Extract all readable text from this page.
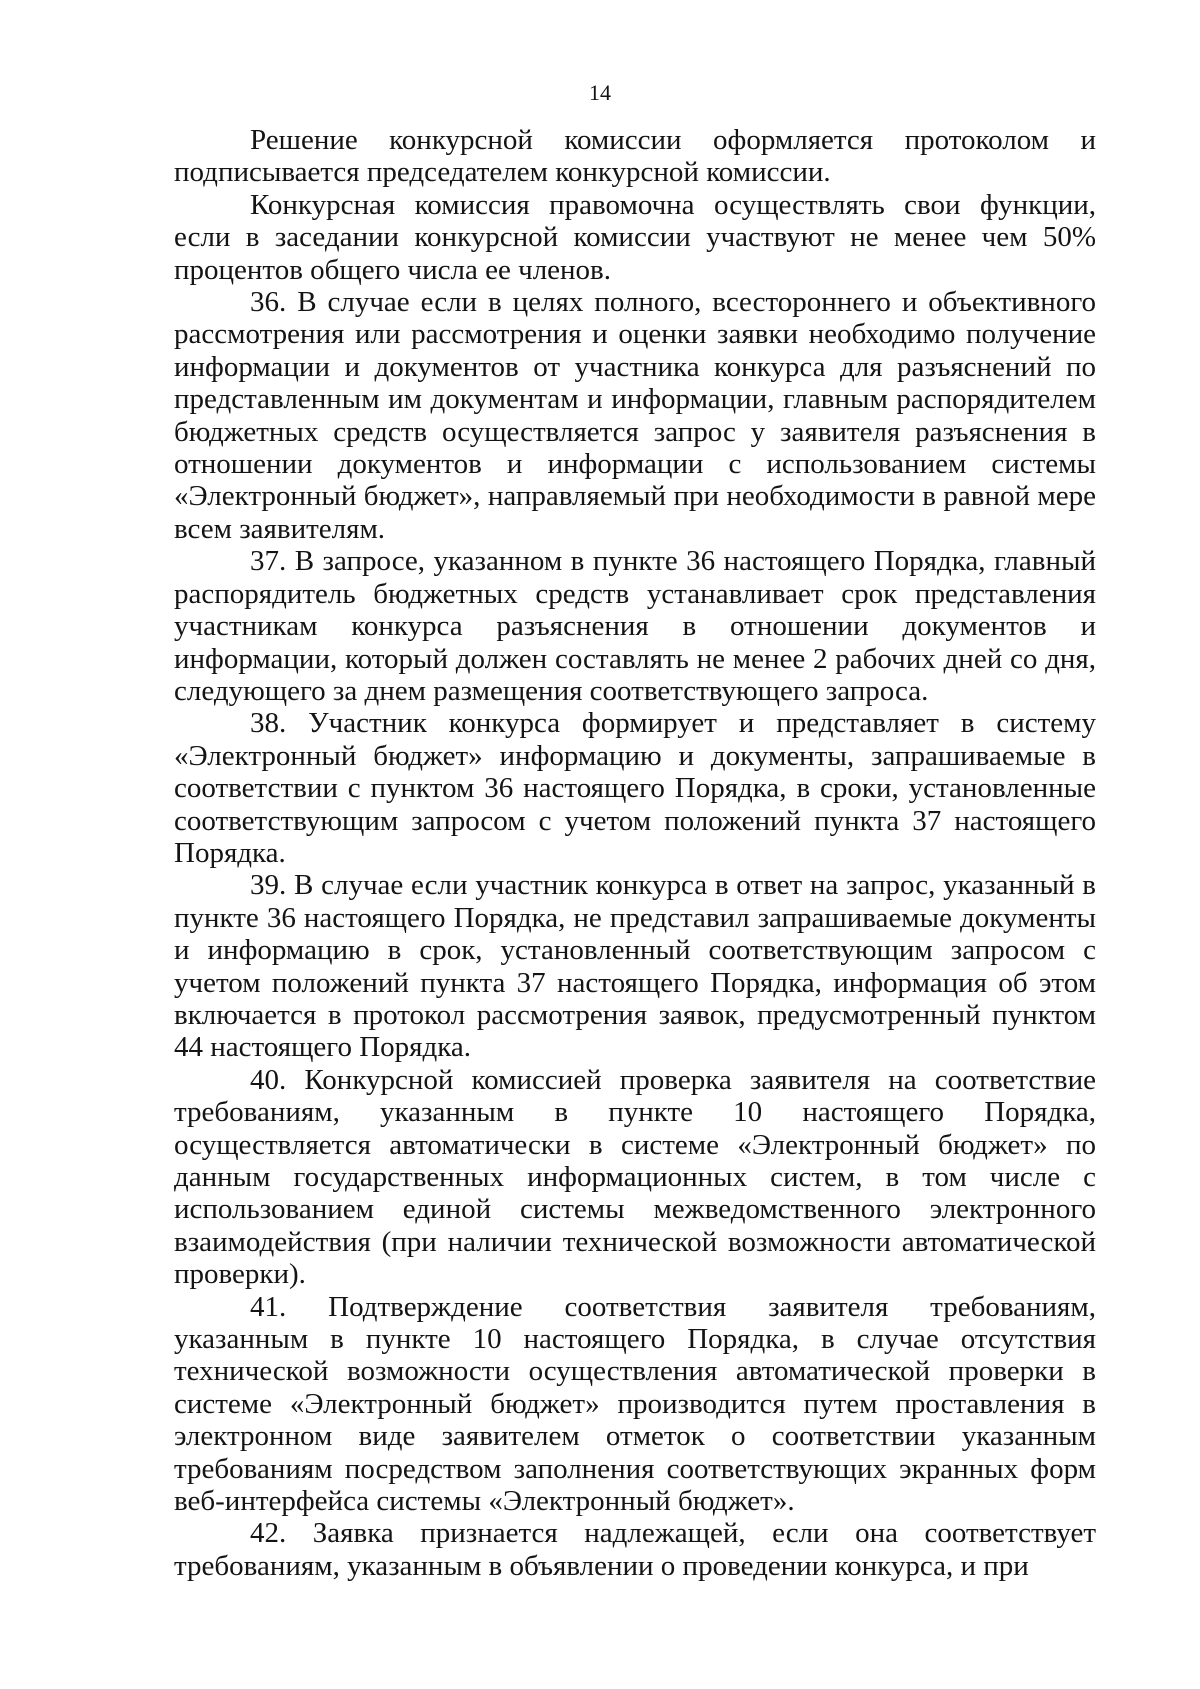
14

Решение конкурсной комиссии оформляется протоколом и подписывается председателем конкурсной комиссии.

Конкурсная комиссия правомочна осуществлять свои функции, если в заседании конкурсной комиссии участвуют не менее чем 50% процентов общего числа ее членов.

36. В случае если в целях полного, всестороннего и объективного рассмотрения или рассмотрения и оценки заявки необходимо получение информации и документов от участника конкурса для разъяснений по представленным им документам и информации, главным распорядителем бюджетных средств осуществляется запрос у заявителя разъяснения в отношении документов и информации с использованием системы «Электронный бюджет», направляемый при необходимости в равной мере всем заявителям.

37. В запросе, указанном в пункте 36 настоящего Порядка, главный распорядитель бюджетных средств устанавливает срок представления участникам конкурса разъяснения в отношении документов и информации, который должен составлять не менее 2 рабочих дней со дня, следующего за днем размещения соответствующего запроса.

38. Участник конкурса формирует и представляет в систему «Электронный бюджет» информацию и документы, запрашиваемые в соответствии с пунктом 36 настоящего Порядка, в сроки, установленные соответствующим запросом с учетом положений пункта 37 настоящего Порядка.

39. В случае если участник конкурса в ответ на запрос, указанный в пункте 36 настоящего Порядка, не представил запрашиваемые документы и информацию в срок, установленный соответствующим запросом с учетом положений пункта 37 настоящего Порядка, информация об этом включается в протокол рассмотрения заявок, предусмотренный пунктом 44 настоящего Порядка.

40. Конкурсной комиссией проверка заявителя на соответствие требованиям, указанным в пункте 10 настоящего Порядка, осуществляется автоматически в системе «Электронный бюджет» по данным государственных информационных систем, в том числе с использованием единой системы межведомственного электронного взаимодействия (при наличии технической возможности автоматической проверки).

41. Подтверждение соответствия заявителя требованиям, указанным в пункте 10 настоящего Порядка, в случае отсутствия технической возможности осуществления автоматической проверки в системе «Электронный бюджет» производится путем проставления в электронном виде заявителем отметок о соответствии указанным требованиям посредством заполнения соответствующих экранных форм веб-интерфейса системы «Электронный бюджет».

42. Заявка признается надлежащей, если она соответствует требованиям, указанным в объявлении о проведении конкурса, и при
